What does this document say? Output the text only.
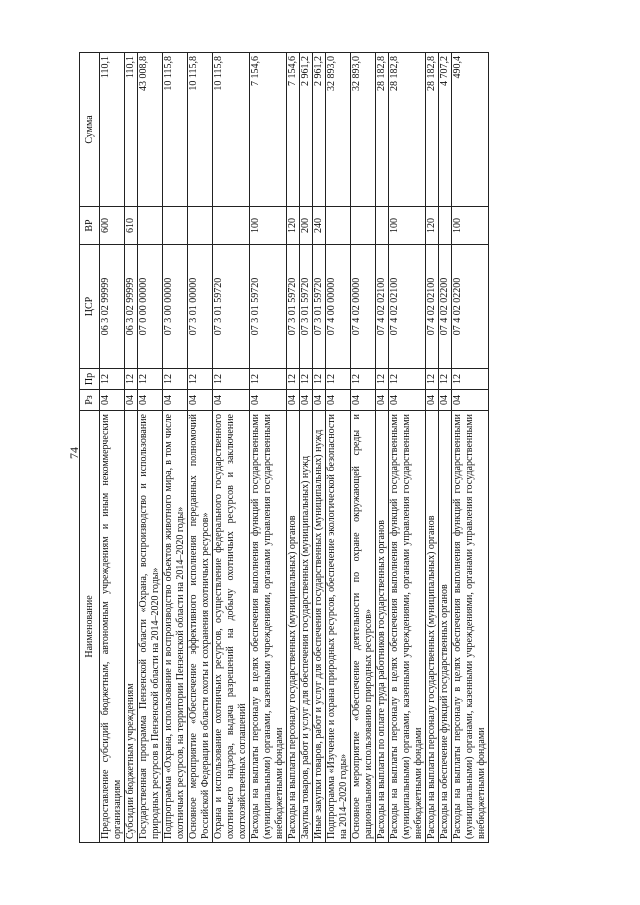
74
Наименование	Рз	Пр	ЦСР	ВР	Сумма
Предоставление субсидий бюджетным, автономным учреждениям и иным некоммерческим организациям	04	12	06 3 02 99999	600	110,1
Субсидии бюджетным учреждениям	04	12	06 3 02 99999	610	110,1
Государственная программа Пензенской области «Охрана, воспроизводство и использование природных ресурсов в Пензенской области на 2014–2020 годы»	04	12	07 0 00 00000		43 008,8
Подпрограмма «Охрана, использование и воспроизводство объектов животного мира, в том числе охотничьих ресурсов, на территории Пензенской области на 2014–2020 годы»	04	12	07 3 00 00000		10 115,8
Основное мероприятие «Обеспечение эффективного исполнения переданных полномочий Российской Федерации в области охоты и сохранения охотничьих ресурсов»	04	12	07 3 01 00000		10 115,8
Охрана и использование охотничьих ресурсов, осуществление федерального государственного охотничьего надзора, выдача разрешений на добычу охотничьих ресурсов и заключение охотхозяйственных соглашений	04	12	07 3 01 59720		10 115,8
Расходы на выплаты персоналу в целях обеспечения выполнения функций государственными (муниципальными) органами, казенными учреждениями, органами управления государственными внебюджетными фондами	04	12	07 3 01 59720	100	7 154,6
Расходы на выплаты персоналу государственных (муниципальных) органов	04	12	07 3 01 59720	120	7 154,6
Закупка товаров, работ и услуг для обеспечения государственных (муниципальных) нужд	04	12	07 3 01 59720	200	2 961,2
Иные закупки товаров, работ и услуг для обеспечения государственных (муниципальных) нужд	04	12	07 3 01 59720	240	2 961,2
Подпрограмма «Изучение и охрана природных ресурсов, обеспечение экологической безопасности на 2014–2020 годы»	04	12	07 4 00 00000		32 893,0
Основное мероприятие «Обеспечение деятельности по охране окружающей среды и рациональному использованию природных ресурсов»	04	12	07 4 02 00000		32 893,0
Расходы на выплаты по оплате труда работников государственных органов	04	12	07 4 02 02100		28 182,8
Расходы на выплаты персоналу в целях обеспечения выполнения функций государственными (муниципальными) органами, казенными учреждениями, органами управления государственными внебюджетными фондами	04	12	07 4 02 02100	100	28 182,8
Расходы на выплаты персоналу государственных (муниципальных) органов	04	12	07 4 02 02100	120	28 182,8
Расходы на обеспечение функций государственных органов	04	12	07 4 02 02200		4 707,2
Расходы на выплаты персоналу в целях обеспечения выполнения функций государственными (муниципальными) органами, казенными учреждениями, органами управления государственными внебюджетными фондами	04	12	07 4 02 02200	100	490,4
